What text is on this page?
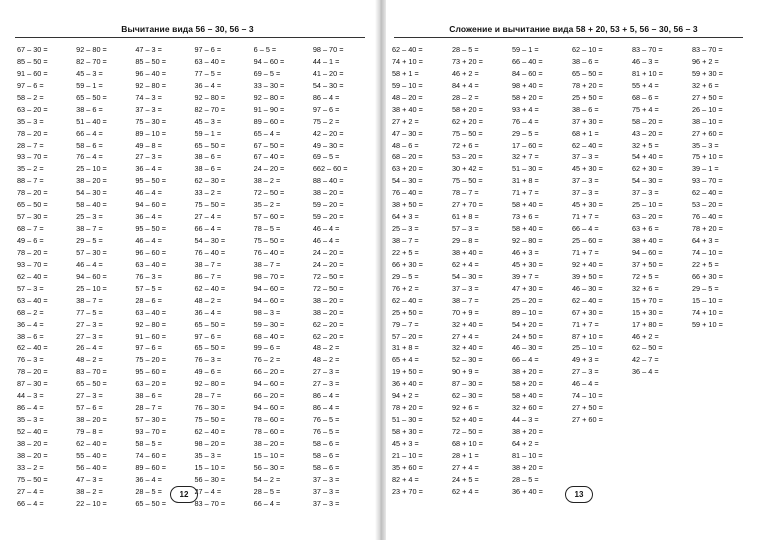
Вычитание вида 56 – 30, 56 – 3
67 – 30 =	92 – 80 =	47 – 3 =	97 – 6 =	6 – 5 =	98 – 70 =
85 – 50 =	82 – 70 =	85 – 50 =	63 – 40 =	94 – 60 =	44 – 1 =
91 – 60 =	45 – 3 =	96 – 40 =	77 – 5 =	69 – 5 =	41 – 20 =
97 – 6 =	59 – 1 =	92 – 80 =	36 – 4 =	33 – 30 =	54 – 30 =
58 – 2 =	65 – 50 =	74 – 3 =	92 – 80 =	92 – 80 =	86 – 4 =
63 – 20 =	38 – 6 =	37 – 3 =	82 – 70 =	91 – 90 =	97 – 6 =
35 – 3 =	51 – 40 =	75 – 30 =	45 – 3 =	89 – 60 =	75 – 2 =
78 – 20 =	66 – 4 =	89 – 10 =	59 – 1 =	65 – 4 =	42 – 20 =
28 – 7 =	58 – 6 =	49 – 8 =	65 – 50 =	67 – 50 =	49 – 30 =
93 – 70 =	76 – 4 =	27 – 3 =	38 – 6 =	67 – 40 =	69 – 5 =
35 – 2 =	25 – 10 =	36 – 4 =	38 – 6 =	24 – 20 =	662 – 60 =
88 – 7 =	38 – 20 =	95 – 50 =	62 – 30 =	38 – 2 =	88 – 40 =
78 – 20 =	54 – 30 =	46 – 4 =	33 – 2 =	72 – 50 =	38 – 20 =
65 – 50 =	58 – 40 =	94 – 60 =	75 – 50 =	35 – 2 =	59 – 20 =
57 – 30 =	25 – 3 =	36 – 4 =	27 – 4 =	57 – 60 =	59 – 20 =
68 – 7 =	38 – 7 =	95 – 50 =	66 – 4 =	78 – 5 =	46 – 4 =
49 – 6 =	29 – 5 =	46 – 4 =	54 – 30 =	75 – 50 =	46 – 4 =
78 – 20 =	57 – 30 =	96 – 60 =	76 – 40 =	76 – 40 =	24 – 20 =
93 – 70 =	46 – 4 =	63 – 40 =	38 – 7 =	38 – 7 =	24 – 20 =
62 – 40 =	94 – 60 =	76 – 3 =	86 – 7 =	98 – 70 =	72 – 50 =
57 – 3 =	25 – 10 =	57 – 5 =	62 – 40 =	94 – 60 =	72 – 50 =
63 – 40 =	38 – 7 =	28 – 6 =	48 – 2 =	94 – 60 =	38 – 20 =
68 – 2 =	77 – 5 =	63 – 40 =	36 – 4 =	98 – 3 =	38 – 20 =
36 – 4 =	27 – 3 =	92 – 80 =	65 – 50 =	59 – 30 =	62 – 20 =
38 – 6 =	27 – 3 =	91 – 60 =	97 – 6 =	68 – 40 =	62 – 20 =
62 – 40 =	26 – 4 =	97 – 6 =	65 – 50 =	99 – 6 =	48 – 2 =
76 – 3 =	48 – 2 =	75 – 20 =	76 – 3 =	76 – 2 =	48 – 2 =
78 – 20 =	83 – 70 =	95 – 60 =	49 – 6 =	66 – 20 =	27 – 3 =
87 – 30 =	65 – 50 =	63 – 20 =	92 – 80 =	94 – 60 =	27 – 3 =
44 – 3 =	27 – 3 =	38 – 6 =	28 – 7 =	66 – 20 =	86 – 4 =
86 – 4 =	57 – 6 =	28 – 7 =	76 – 30 =	94 – 60 =	86 – 4 =
35 – 3 =	38 – 20 =	57 – 30 =	75 – 50 =	78 – 60 =	76 – 5 =
52 – 40 =	79 – 8 =	93 – 70 =	62 – 40 =	78 – 60 =	76 – 5 =
38 – 20 =	62 – 40 =	58 – 5 =	98 – 20 =	38 – 20 =	58 – 6 =
38 – 20 =	55 – 40 =	74 – 60 =	35 – 3 =	15 – 10 =	58 – 6 =
33 – 2 =	56 – 40 =	89 – 60 =	15 – 10 =	56 – 30 =	58 – 6 =
75 – 50 =	47 – 3 =	36 – 4 =	56 – 30 =	54 – 2 =	37 – 3 =
27 – 4 =	38 – 2 =	28 – 5 =	27 – 4 =	28 – 5 =	37 – 3 =
66 – 4 =	22 – 10 =	65 – 50 =	83 – 70 =	66 – 4 =	37 – 3 =
12
Сложение и вычитание вида 58 + 20, 53 + 5, 56 – 30, 56 – 3
62 – 40 =	28 – 5 =	59 – 1 =	62 – 10 =	83 – 70 =	83 – 70 =
74 + 10 =	73 + 20 =	66 – 40 =	38 – 6 =	46 – 3 =	96 + 2 =
58 + 1 =	46 + 2 =	84 – 60 =	65 – 50 =	81 + 10 =	59 + 30 =
59 – 10 =	84 + 4 =	98 + 40 =	78 + 20 =	55 + 4 =	32 + 6 =
48 – 20 =	28 – 2 =	58 + 20 =	25 + 50 =	68 – 6 =	27 + 50 =
38 + 40 =	58 + 20 =	93 + 4 =	38 – 6 =	75 + 4 =	26 – 10 =
27 + 2 =	62 + 20 =	76 – 4 =	37 + 30 =	58 – 20 =	38 – 10 =
47 – 30 =	75 – 50 =	29 – 5 =	68 + 1 =	43 – 20 =	27 + 60 =
48 – 6 =	72 + 6 =	17 – 60 =	62 – 40 =	32 + 5 =	35 – 3 =
68 – 20 =	53 – 20 =	32 + 7 =	37 – 3 =	54 + 40 =	75 + 10 =
63 + 20 =	30 + 42 =	51 – 30 =	45 + 30 =	62 + 30 =	39 – 1 =
54 – 30 =	75 – 50 =	31 + 8 =	37 – 3 =	54 – 30 =	93 – 70 =
76 – 40 =	78 – 7 =	71 + 7 =	37 – 3 =	37 – 3 =	62 – 40 =
38 + 50 =	27 + 70 =	58 + 40 =	45 + 30 =	25 – 10 =	53 – 20 =
64 + 3 =	61 + 8 =	73 + 6 =	71 + 7 =	63 – 20 =	76 – 40 =
25 – 3 =	57 – 3 =	58 + 40 =	66 – 4 =	63 + 6 =	78 + 20 =
38 – 7 =	29 – 8 =	92 – 80 =	25 – 60 =	38 + 40 =	64 + 3 =
22 + 5 =	38 + 40 =	46 + 3 =	71 + 7 =	94 – 60 =	74 – 10 =
66 + 30 =	62 + 4 =	45 + 30 =	92 + 40 =	37 + 50 =	22 + 5 =
29 – 5 =	54 – 30 =	39 + 7 =	39 + 50 =	72 + 5 =	66 + 30 =
76 + 2 =	37 – 3 =	47 + 30 =	46 – 30 =	32 + 6 =	29 – 5 =
62 – 40 =	38 – 7 =	25 – 20 =	62 – 40 =	15 + 70 =	15 – 10 =
25 + 50 =	70 + 9 =	89 – 10 =	67 + 30 =	15 + 30 =	74 + 10 =
79 – 7 =	32 + 40 =	54 + 20 =	71 + 7 =	17 + 80 =	59 + 10 =
57 – 20 =	27 + 4 =	24 + 50 =	87 + 10 =	46 + 2 =
31 + 8 =	32 + 40 =	46 – 30 =	25 – 10 =	62 – 50 =
65 + 4 =	52 – 30 =	66 – 4 =	49 + 3 =	42 – 7 =
19 + 50 =	90 + 9 =	38 + 20 =	27 – 3 =	36 – 4 =
36 + 40 =	87 – 30 =	58 + 20 =	46 – 4 =
94 + 2 =	62 – 30 =	58 + 40 =	74 – 10 =
78 + 20 =	92 + 6 =	32 + 60 =	27 + 50 =
51 – 30 =	52 + 40 =	44 – 3 =	27 + 60 =
58 + 30 =	72 – 50 =	38 + 20 =
45 + 3 =	68 + 10 =	64 + 2 =
21 – 10 =	28 + 1 =	81 – 10 =
35 + 60 =	27 + 4 =	38 + 20 =
82 + 4 =	24 + 5 =	28 – 5 =
23 + 70 =	62 + 4 =	36 + 40 =	13
